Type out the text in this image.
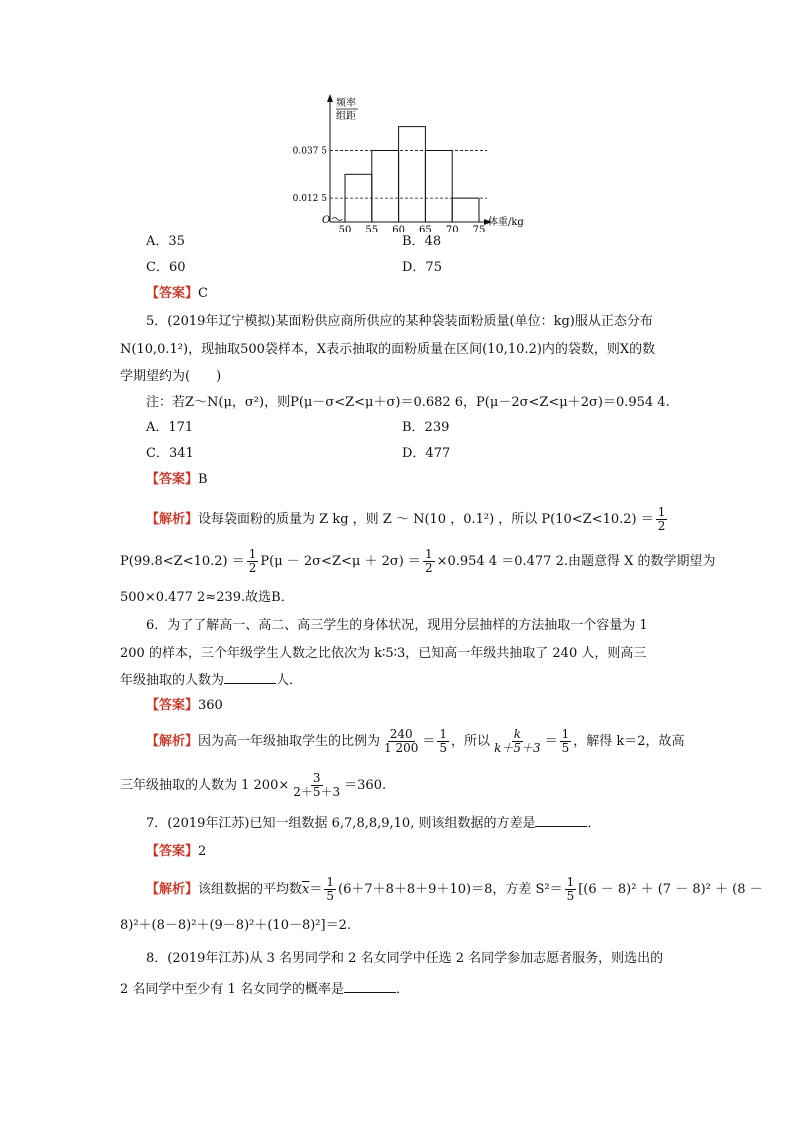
0.037 5
0.012 5
频率
组距
O	体重/kg
50 55 60 65 70 75
A．35	B．48
C．60	D．75
【答案】C
5．(2019年辽宁模拟)某面粉供应商所供应的某种袋装面粉质量(单位：kg)服从正态分布
N(10,0.1²)，现抽取500袋样本，X表示抽取的面粉质量在区间(10,10.2)内的袋数，则X的数
学期望约为(　　)
注：若Z～N(μ，σ²)，则P(μ－σ<Z<μ＋σ)＝0.682 6，P(μ－2σ<Z<μ＋2σ)＝0.954 4.
A．171	B．239
C．341	D．477
【答案】B
【解析】设每袋面粉的质量为 Z kg ，则 Z ～ N(10 ，0.1²) ，所以 $P(10<Z<10.2) = \frac{1}{2}$
$P(99.8<Z<10.2) = \frac{1}{2} P(\mu - 2\sigma<Z<\mu + 2\sigma) = \frac{1}{2} \times 0.954$ 4 ＝0.477 2.由题意得 X 的数学期望为
500×0.477 2≈239.故选B．
6．为了了解高一、高二、高三学生的身体状况，现用分层抽样的方法抽取一个容量为 1
200 的样本，三个年级学生人数之比依次为 k∶5∶3，已知高一年级共抽取了 240 人，则高三
年级抽取的人数为	人．
【答案】360
【解析】因为高一年级抽取学生的比例为 $\frac{240}{1 200} = \frac{1}{5}$ ，所以 $\frac{k}{k+5+3} = \frac{1}{5}$ ，解得 k＝2，故高
三年级抽取的人数为 1 $200\times \frac{3}{2+5+3} =360$.
7．(2019年江苏)已知一组数据 6,7,8,8,9,10, 则该组数据的方差是	．
【答案】2
【解析】该组数据的平均数$\overline{x}= \frac{1}{5} (6+7+8+8+9+10)=8$，方差 $S^2= \frac{1}{5} [(6 - 8)^2 + (7 - 8)^2 + (8$ －
8)²＋(8－8)²＋(9－8)²＋(10－8)²]＝2.
8．(2019年江苏)从 3 名男同学和 2 名女同学中任选 2 名同学参加志愿者服务，则选出的
2 名同学中至少有 1 名女同学的概率是	．
